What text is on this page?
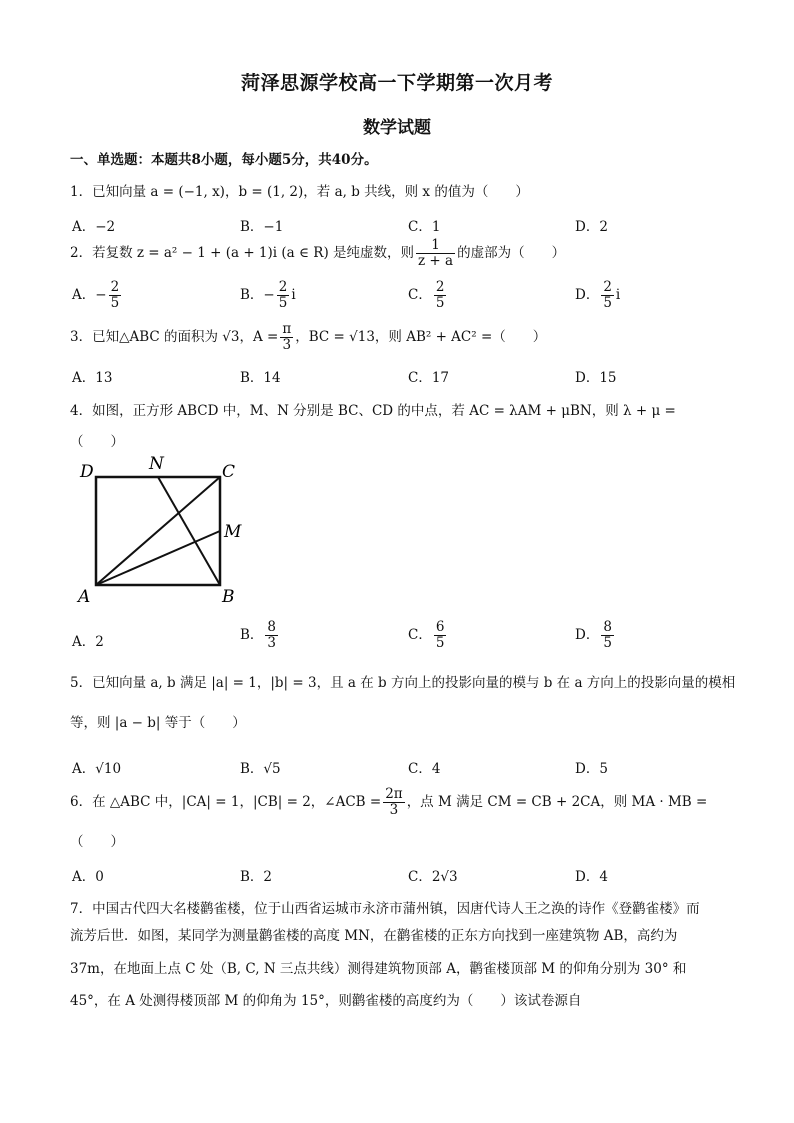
菏泽思源学校高一下学期第一次月考
数学试题
一、单选题：本题共8小题，每小题5分，共40分。
1．已知向量 a = (−1, x)，b = (1, 2)，若 a, b 共线，则 x 的值为（　　）
A．−2	B．−1	C．1	D．2
2．若复数 z = a² − 1 + (a + 1)i (a ∈ R) 是纯虚数，则 $\frac{1}{z + a}$ 的虚部为（　　）
A．− $\frac{2}{5}$	B．− $\frac{2}{5}$ i	C． $\frac{2}{5}$	D． $\frac{2}{5}$ i
3．已知△ABC 的面积为 √3，$A = \frac{\pi}{3}$ ，BC = √13，则 AB² + AC² =（　　）
A．13	B．14	C．17	D．15
4．如图，正方形 ABCD 中，M、N 分别是 BC、CD 的中点，若 AC = λAM + μBN，则 λ + μ =
（　　）
D	N	C
M
A	B
A．2	B． $\frac{8}{3}$	C． $\frac{6}{5}$	D． $\frac{8}{5}$
5．已知向量 a, b 满足 |a| = 1，|b| = 3，且 a 在 b 方向上的投影向量的模与 b 在 a 方向上的投影向量的模相
等，则 |a − b| 等于（　　）
A．√10	B．√5	C．4	D．5
6．在 △ABC 中，|CA| = 1，|CB| = 2，∠ACB = $\frac{2\pi}{3}$ ，点 M 满足 CM = CB + 2CA，则 MA · MB =
（　　）
A．0	B．2	C．2√3	D．4
7．中国古代四大名楼鹳雀楼，位于山西省运城市永济市蒲州镇，因唐代诗人王之涣的诗作《登鹳雀楼》而
流芳后世．如图，某同学为测量鹳雀楼的高度 MN，在鹳雀楼的正东方向找到一座建筑物 AB，高约为
37m，在地面上点 C 处（B, C, N 三点共线）测得建筑物顶部 A，鹳雀楼顶部 M 的仰角分别为 30° 和
45°，在 A 处测得楼顶部 M 的仰角为 15°，则鹳雀楼的高度约为（　　）该试卷源自
